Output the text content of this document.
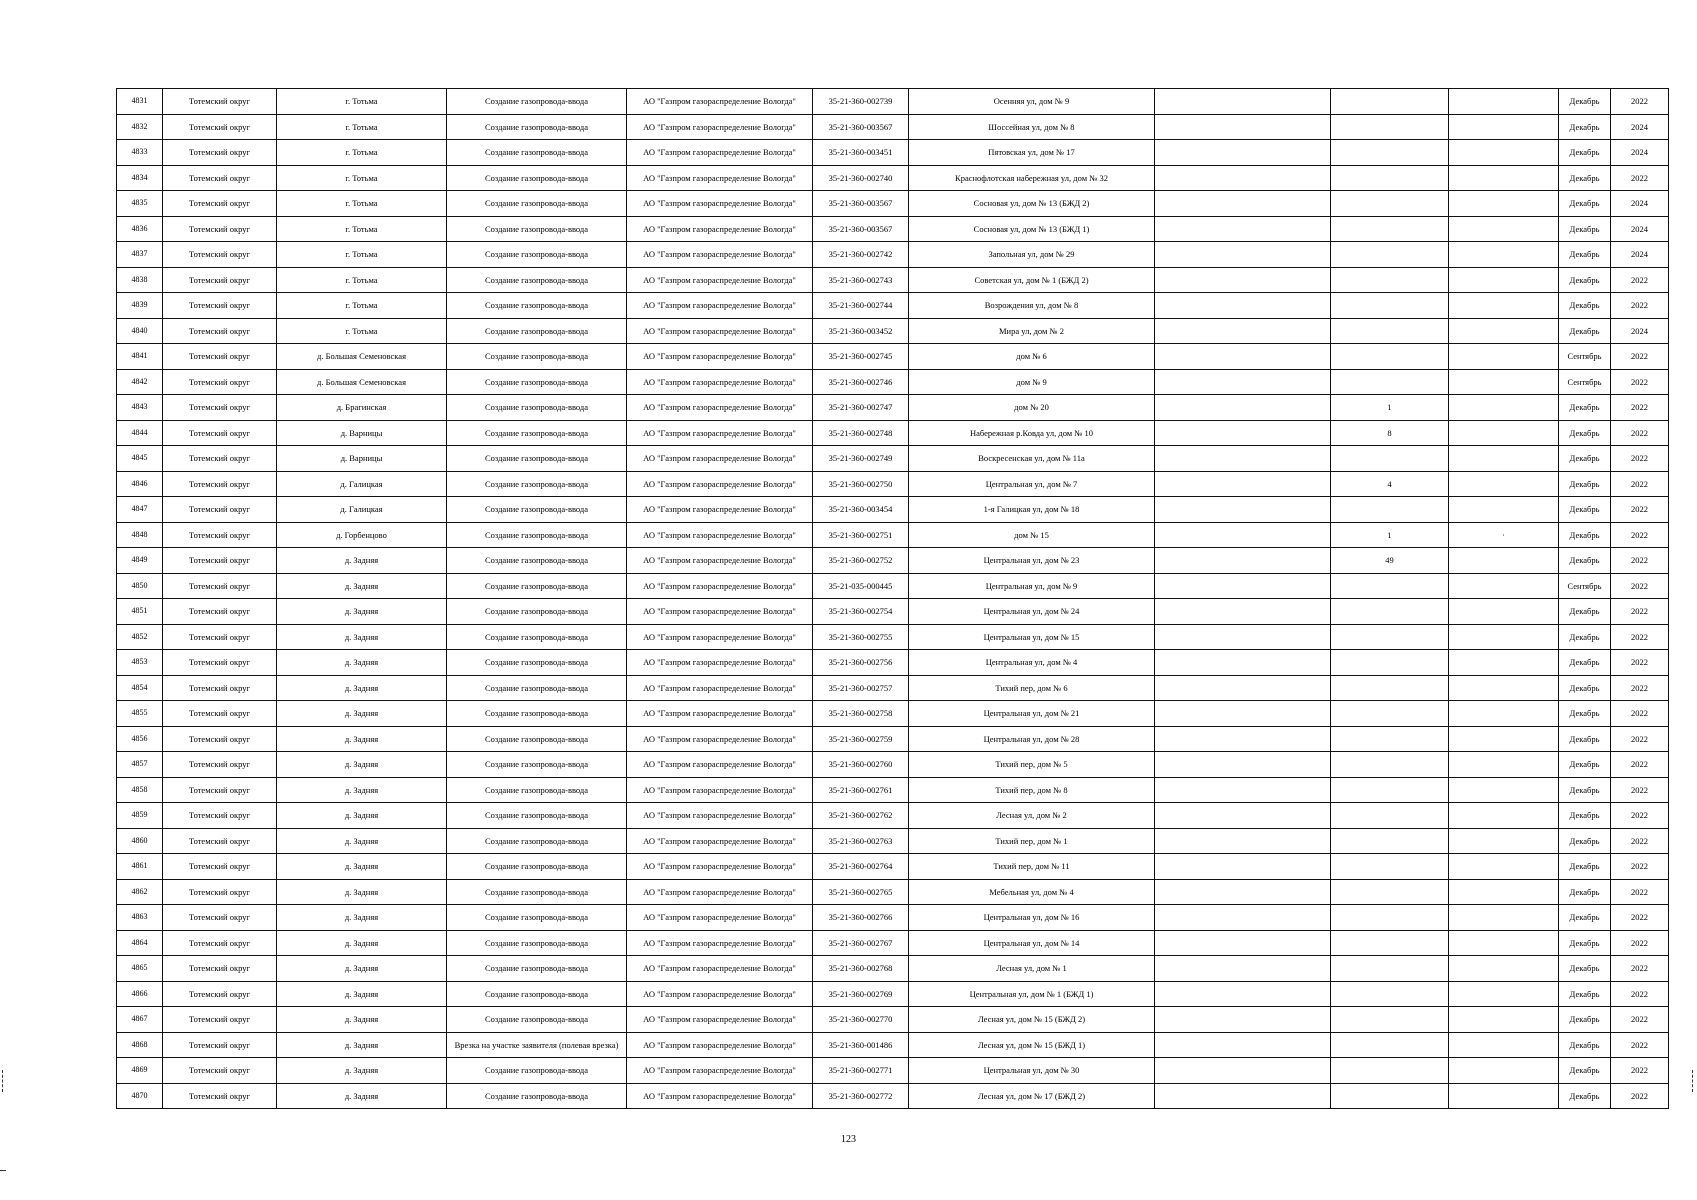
4831	Тотемский округ	г. Тотьма	Создание газопровода-ввода	АО "Газпром газораспределение Вологда"	35-21-360-002739	Осенняя ул, дом № 9				Декабрь	2022
4832	Тотемский округ	г. Тотьма	Создание газопровода-ввода	АО "Газпром газораспределение Вологда"	35-21-360-003567	Шоссейная ул, дом № 8				Декабрь	2024
4833	Тотемский округ	г. Тотьма	Создание газопровода-ввода	АО "Газпром газораспределение Вологда"	35-21-360-003451	Пятовская ул, дом № 17				Декабрь	2024
4834	Тотемский округ	г. Тотьма	Создание газопровода-ввода	АО "Газпром газораспределение Вологда"	35-21-360-002740	Краснофлотская набережная ул, дом № 32				Декабрь	2022
4835	Тотемский округ	г. Тотьма	Создание газопровода-ввода	АО "Газпром газораспределение Вологда"	35-21-360-003567	Сосновая ул, дом № 13 (БЖД 2)				Декабрь	2024
4836	Тотемский округ	г. Тотьма	Создание газопровода-ввода	АО "Газпром газораспределение Вологда"	35-21-360-003567	Сосновая ул, дом № 13 (БЖД 1)				Декабрь	2024
4837	Тотемский округ	г. Тотьма	Создание газопровода-ввода	АО "Газпром газораспределение Вологда"	35-21-360-002742	Запольная ул, дом № 29				Декабрь	2024
4838	Тотемский округ	г. Тотьма	Создание газопровода-ввода	АО "Газпром газораспределение Вологда"	35-21-360-002743	Советская ул, дом № 1 (БЖД 2)				Декабрь	2022
4839	Тотемский округ	г. Тотьма	Создание газопровода-ввода	АО "Газпром газораспределение Вологда"	35-21-360-002744	Возрождения ул, дом № 8				Декабрь	2022
4840	Тотемский округ	г. Тотьма	Создание газопровода-ввода	АО "Газпром газораспределение Вологда"	35-21-360-003452	Мира ул, дом № 2				Декабрь	2024
4841	Тотемский округ	д. Большая Семеновская	Создание газопровода-ввода	АО "Газпром газораспределение Вологда"	35-21-360-002745	дом № 6				Сентябрь	2022
4842	Тотемский округ	д. Большая Семеновская	Создание газопровода-ввода	АО "Газпром газораспределение Вологда"	35-21-360-002746	дом № 9				Сентябрь	2022
4843	Тотемский округ	д. Брагинская	Создание газопровода-ввода	АО "Газпром газораспределение Вологда"	35-21-360-002747	дом № 20		1		Декабрь	2022
4844	Тотемский округ	д. Варницы	Создание газопровода-ввода	АО "Газпром газораспределение Вологда"	35-21-360-002748	Набережная р.Ковда ул, дом № 10		8		Декабрь	2022
4845	Тотемский округ	д. Варницы	Создание газопровода-ввода	АО "Газпром газораспределение Вологда"	35-21-360-002749	Воскресенская ул, дом № 11а				Декабрь	2022
4846	Тотемский округ	д. Галицкая	Создание газопровода-ввода	АО "Газпром газораспределение Вологда"	35-21-360-002750	Центральная ул, дом № 7		4		Декабрь	2022
4847	Тотемский округ	д. Галицкая	Создание газопровода-ввода	АО "Газпром газораспределение Вологда"	35-21-360-003454	1-я Галицкая ул, дом № 18				Декабрь	2022
4848	Тотемский округ	д. Горбенцово	Создание газопровода-ввода	АО "Газпром газораспределение Вологда"	35-21-360-002751	дом № 15		1	·	Декабрь	2022
4849	Тотемский округ	д. Задняя	Создание газопровода-ввода	АО "Газпром газораспределение Вологда"	35-21-360-002752	Центральная ул, дом № 23		49		Декабрь	2022
4850	Тотемский округ	д. Задняя	Создание газопровода-ввода	АО "Газпром газораспределение Вологда"	35-21-035-000445	Центральная ул, дом № 9				Сентябрь	2022
4851	Тотемский округ	д. Задняя	Создание газопровода-ввода	АО "Газпром газораспределение Вологда"	35-21-360-002754	Центральная ул, дом № 24				Декабрь	2022
4852	Тотемский округ	д. Задняя	Создание газопровода-ввода	АО "Газпром газораспределение Вологда"	35-21-360-002755	Центральная ул, дом № 15				Декабрь	2022
4853	Тотемский округ	д. Задняя	Создание газопровода-ввода	АО "Газпром газораспределение Вологда"	35-21-360-002756	Центральная ул, дом № 4				Декабрь	2022
4854	Тотемский округ	д. Задняя	Создание газопровода-ввода	АО "Газпром газораспределение Вологда"	35-21-360-002757	Тихий пер, дом № 6				Декабрь	2022
4855	Тотемский округ	д. Задняя	Создание газопровода-ввода	АО "Газпром газораспределение Вологда"	35-21-360-002758	Центральная ул, дом № 21				Декабрь	2022
4856	Тотемский округ	д. Задняя	Создание газопровода-ввода	АО "Газпром газораспределение Вологда"	35-21-360-002759	Центральная ул, дом № 28				Декабрь	2022
4857	Тотемский округ	д. Задняя	Создание газопровода-ввода	АО "Газпром газораспределение Вологда"	35-21-360-002760	Тихий пер, дом № 5				Декабрь	2022
4858	Тотемский округ	д. Задняя	Создание газопровода-ввода	АО "Газпром газораспределение Вологда"	35-21-360-002761	Тихий пер, дом № 8				Декабрь	2022
4859	Тотемский округ	д. Задняя	Создание газопровода-ввода	АО "Газпром газораспределение Вологда"	35-21-360-002762	Лесная ул, дом № 2				Декабрь	2022
4860	Тотемский округ	д. Задняя	Создание газопровода-ввода	АО "Газпром газораспределение Вологда"	35-21-360-002763	Тихий пер, дом № 1				Декабрь	2022
4861	Тотемский округ	д. Задняя	Создание газопровода-ввода	АО "Газпром газораспределение Вологда"	35-21-360-002764	Тихий пер, дом № 11				Декабрь	2022
4862	Тотемский округ	д. Задняя	Создание газопровода-ввода	АО "Газпром газораспределение Вологда"	35-21-360-002765	Мебельная ул, дом № 4				Декабрь	2022
4863	Тотемский округ	д. Задняя	Создание газопровода-ввода	АО "Газпром газораспределение Вологда"	35-21-360-002766	Центральная ул, дом № 16				Декабрь	2022
4864	Тотемский округ	д. Задняя	Создание газопровода-ввода	АО "Газпром газораспределение Вологда"	35-21-360-002767	Центральная ул, дом № 14				Декабрь	2022
4865	Тотемский округ	д. Задняя	Создание газопровода-ввода	АО "Газпром газораспределение Вологда"	35-21-360-002768	Лесная ул, дом № 1				Декабрь	2022
4866	Тотемский округ	д. Задняя	Создание газопровода-ввода	АО "Газпром газораспределение Вологда"	35-21-360-002769	Центральная ул, дом № 1 (БЖД 1)				Декабрь	2022
4867	Тотемский округ	д. Задняя	Создание газопровода-ввода	АО "Газпром газораспределение Вологда"	35-21-360-002770	Лесная ул, дом № 15 (БЖД 2)				Декабрь	2022
4868	Тотемский округ	д. Задняя	Врезка на участке заявителя (полевая врезка)	АО "Газпром газораспределение Вологда"	35-21-360-001486	Лесная ул, дом № 15 (БЖД 1)				Декабрь	2022
4869	Тотемский округ	д. Задняя	Создание газопровода-ввода	АО "Газпром газораспределение Вологда"	35-21-360-002771	Центральная ул, дом № 30				Декабрь	2022
4870	Тотемский округ	д. Задняя	Создание газопровода-ввода	АО "Газпром газораспределение Вологда"	35-21-360-002772	Лесная ул, дом № 17 (БЖД 2)				Декабрь	2022
123
